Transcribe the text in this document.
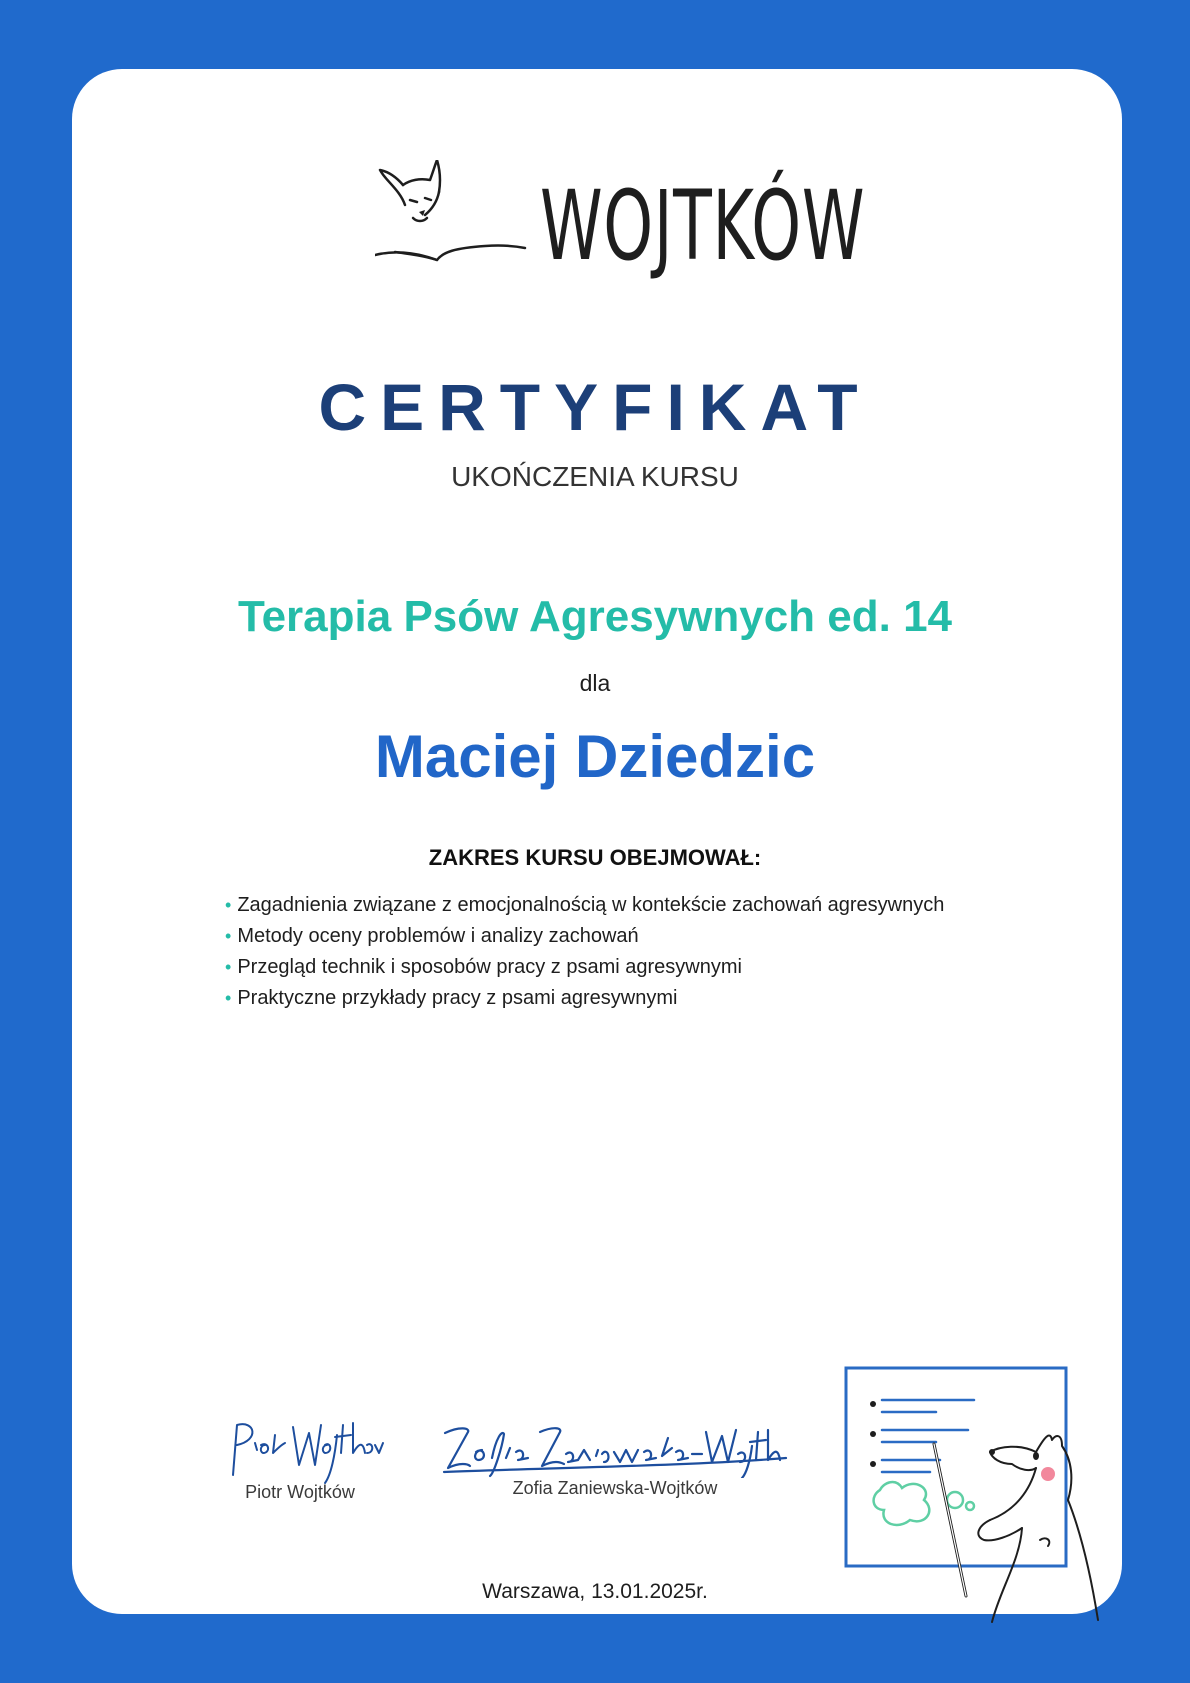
WOJTKÓW
CERTYFIKAT
UKOŃCZENIA KURSU
Terapia Psów Agresywnych ed. 14
dla
Maciej Dziedzic
ZAKRES KURSU OBEJMOWAŁ:
• Zagadnienia związane z emocjonalnością w kontekście zachowań agresywnych
• Metody oceny problemów i analizy zachowań
• Przegląd technik i sposobów pracy z psami agresywnymi
• Praktyczne przykłady pracy z psami agresywnymi
Piotr Wojtków	Zofia Zaniewska-Wojtków
Warszawa, 13.01.2025r.
